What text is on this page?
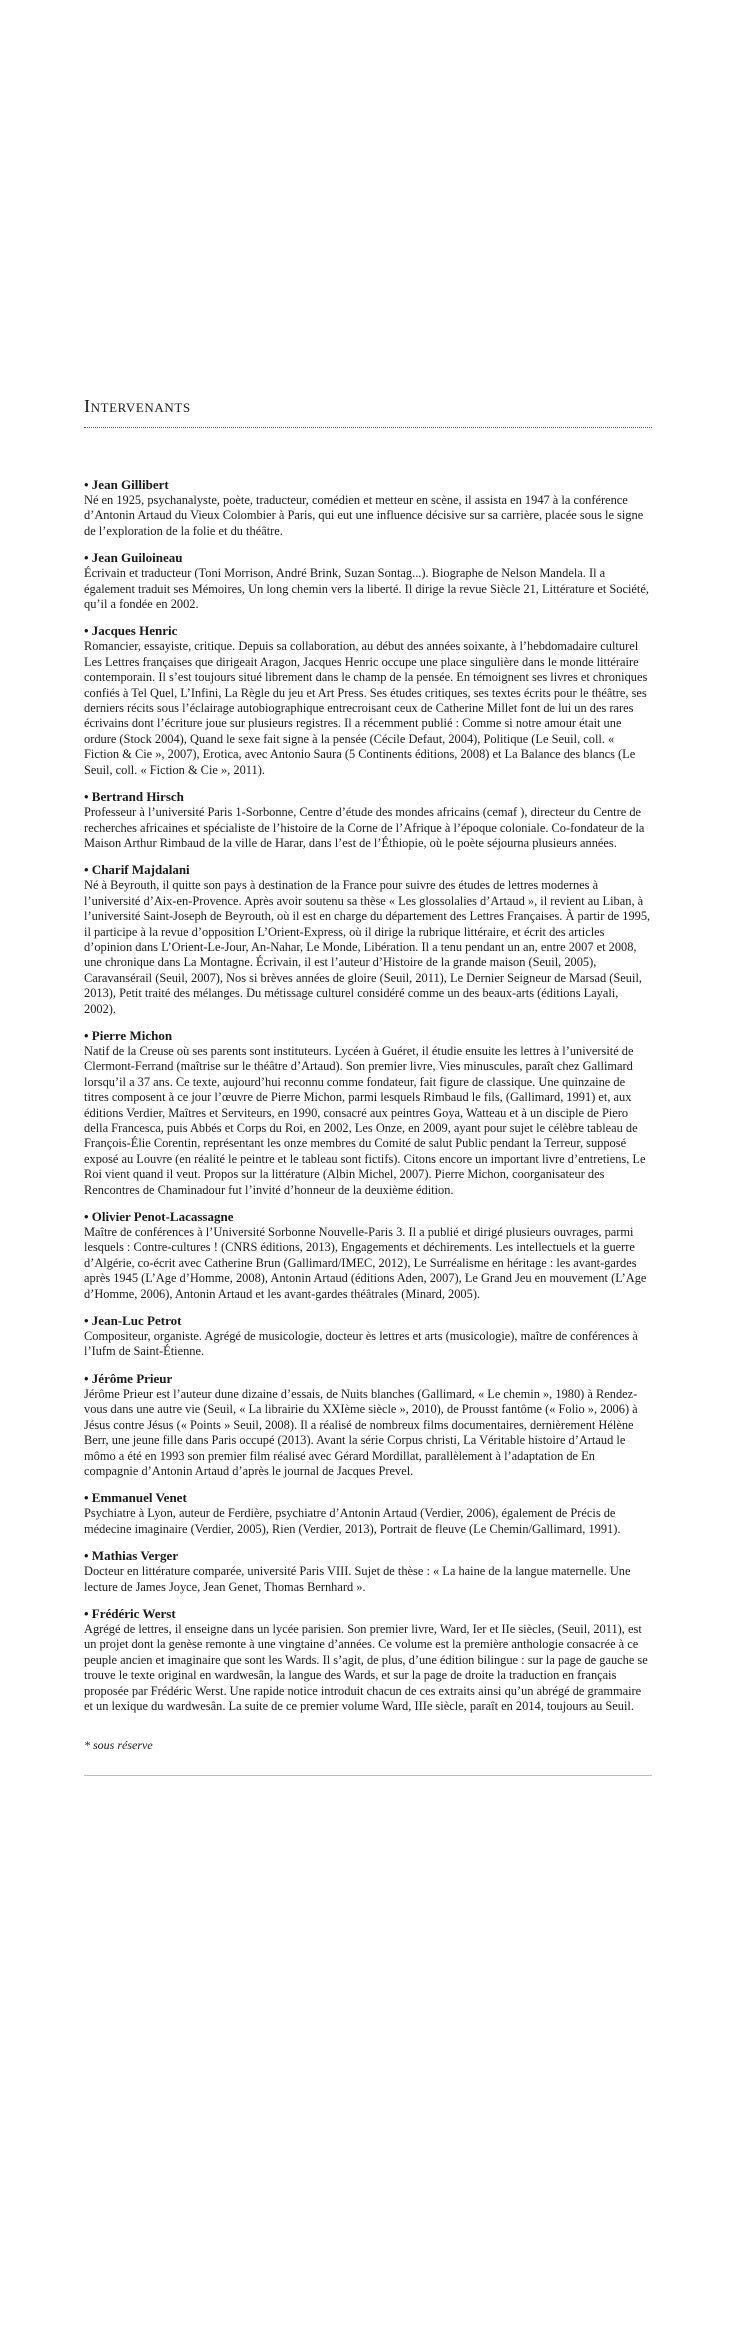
Intervenants

• Jean Gillibert

Né en 1925, psychanalyste, poète, traducteur, comédien et metteur en scène, il assista en 1947 à la conférence d’Antonin Artaud du Vieux Colombier à Paris, qui eut une influence décisive sur sa carrière, placée sous le signe de l’exploration de la folie et du théâtre.

• Jean Guiloineau

Écrivain et traducteur (Toni Morrison, André Brink, Suzan Sontag...). Biographe de Nelson Mandela. Il a également traduit ses Mémoires, Un long chemin vers la liberté. Il dirige la revue Siècle 21, Littérature et Société, qu’il a fondée en 2002.

• Jacques Henric

Romancier, essayiste, critique. Depuis sa collaboration, au début des années soixante, à l’hebdomadaire culturel Les Lettres françaises que dirigeait Aragon, Jacques Henric occupe une place singulière dans le monde littéraire contemporain. Il s’est toujours situé librement dans le champ de la pensée. En témoignent ses livres et chroniques confiés à Tel Quel, L’Infini, La Règle du jeu et Art Press. Ses études critiques, ses textes écrits pour le théâtre, ses derniers récits sous l’éclairage autobiographique entrecroisant ceux de Catherine Millet font de lui un des rares écrivains dont l’écriture joue sur plusieurs registres. Il a récemment publié : Comme si notre amour était une ordure (Stock 2004), Quand le sexe fait signe à la pensée (Cécile Defaut, 2004), Politique (Le Seuil, coll. « Fiction & Cie », 2007), Erotica, avec Antonio Saura (5 Continents éditions, 2008) et La Balance des blancs (Le Seuil, coll. « Fiction & Cie », 2011).

• Bertrand Hirsch

Professeur à l’université Paris 1-Sorbonne, Centre d’étude des mondes africains (cemaf ), directeur du Centre de recherches africaines et spécialiste de l’histoire de la Corne de l’Afrique à l’époque coloniale. Co-fondateur de la Maison Arthur Rimbaud de la ville de Harar, dans l’est de l’Éthiopie, où le poète séjourna plusieurs années.

• Charif Majdalani

Né à Beyrouth, il quitte son pays à destination de la France pour suivre des études de lettres modernes à l’université d’Aix-en-Provence. Après avoir soutenu sa thèse « Les glossolalies d’Artaud », il revient au Liban, à l’université Saint-Joseph de Beyrouth, où il est en charge du département des Lettres Françaises. À partir de 1995, il participe à la revue d’opposition L’Orient-Express, où il dirige la rubrique littéraire, et écrit des articles d’opinion dans L’Orient-Le-Jour, An-Nahar, Le Monde, Libération. Il a tenu pendant un an, entre 2007 et 2008, une chronique dans La Montagne. Écrivain, il est l’auteur d’Histoire de la grande maison (Seuil, 2005), Caravansérail (Seuil, 2007), Nos si brèves années de gloire (Seuil, 2011), Le Dernier Seigneur de Marsad (Seuil, 2013), Petit traité des mélanges. Du métissage culturel considéré comme un des beaux-arts (éditions Layali, 2002).

• Pierre Michon

Natif de la Creuse où ses parents sont instituteurs. Lycéen à Guéret, il étudie ensuite les lettres à l’université de Clermont-Ferrand (maîtrise sur le théâtre d’Artaud). Son premier livre, Vies minuscules, paraît chez Gallimard lorsqu’il a 37 ans. Ce texte, aujourd’hui reconnu comme fondateur, fait figure de classique. Une quinzaine de titres composent à ce jour l’œuvre de Pierre Michon, parmi lesquels Rimbaud le fils, (Gallimard, 1991) et, aux éditions Verdier, Maîtres et Serviteurs, en 1990, consacré aux peintres Goya, Watteau et à un disciple de Piero della Francesca, puis Abbés et Corps du Roi, en 2002, Les Onze, en 2009, ayant pour sujet le célèbre tableau de François-Élie Corentin, représentant les onze membres du Comité de salut Public pendant la Terreur, supposé exposé au Louvre (en réalité le peintre et le tableau sont fictifs). Citons encore un important livre d’entretiens, Le Roi vient quand il veut. Propos sur la littérature (Albin Michel, 2007). Pierre Michon, coorganisateur des Rencontres de Chaminadour fut l’invité d’honneur de la deuxième édition.

• Olivier Penot-Lacassagne

Maître de conférences à l’Université Sorbonne Nouvelle-Paris 3. Il a publié et dirigé plusieurs ouvrages, parmi lesquels : Contre-cultures ! (CNRS éditions, 2013), Engagements et déchirements. Les intellectuels et la guerre d’Algérie, co-écrit avec Catherine Brun (Gallimard/IMEC, 2012), Le Surréalisme en héritage : les avant-gardes après 1945 (L’Age d’Homme, 2008), Antonin Artaud (éditions Aden, 2007), Le Grand Jeu en mouvement (L’Age d’Homme, 2006), Antonin Artaud et les avant-gardes théâtrales (Minard, 2005).

• Jean-Luc Petrot

Compositeur, organiste. Agrégé de musicologie, docteur ès lettres et arts (musicologie), maître de conférences à l’Iufm de Saint-Étienne.

• Jérôme Prieur

Jérôme Prieur est l’auteur dune dizaine d’essais, de Nuits blanches (Gallimard, « Le chemin », 1980) à Rendez-vous dans une autre vie (Seuil, « La librairie du XXIème siècle », 2010), de Prousst fantôme (« Folio », 2006) à Jésus contre Jésus (« Points » Seuil, 2008). Il a réalisé de nombreux films documentaires, dernièrement Hélène Berr, une jeune fille dans Paris occupé (2013). Avant la série Corpus christi, La Véritable histoire d’Artaud le mômo a été en 1993 son premier film réalisé avec Gérard Mordillat, parallèlement à l’adaptation de En compagnie d’Antonin Artaud d’après le journal de Jacques Prevel.

• Emmanuel Venet

Psychiatre à Lyon, auteur de Ferdière, psychiatre d’Antonin Artaud (Verdier, 2006), également de Précis de médecine imaginaire (Verdier, 2005), Rien (Verdier, 2013), Portrait de fleuve (Le Chemin/Gallimard, 1991).

• Mathias Verger

Docteur en littérature comparée, université Paris VIII. Sujet de thèse : « La haine de la langue maternelle. Une lecture de James Joyce, Jean Genet, Thomas Bernhard ».

• Frédéric Werst

Agrégé de lettres, il enseigne dans un lycée parisien. Son premier livre, Ward, Ier et IIe siècles, (Seuil, 2011), est un projet dont la genèse remonte à une vingtaine d’années. Ce volume est la première anthologie consacrée à ce peuple ancien et imaginaire que sont les Wards. Il s’agit, de plus, d’une édition bilingue : sur la page de gauche se trouve le texte original en wardwesân, la langue des Wards, et sur la page de droite la traduction en français proposée par Frédéric Werst. Une rapide notice introduit chacun de ces extraits ainsi qu’un abrégé de grammaire et un lexique du wardwesân. La suite de ce premier volume Ward, IIIe siècle, paraît en 2014, toujours au Seuil.

* sous réserve
